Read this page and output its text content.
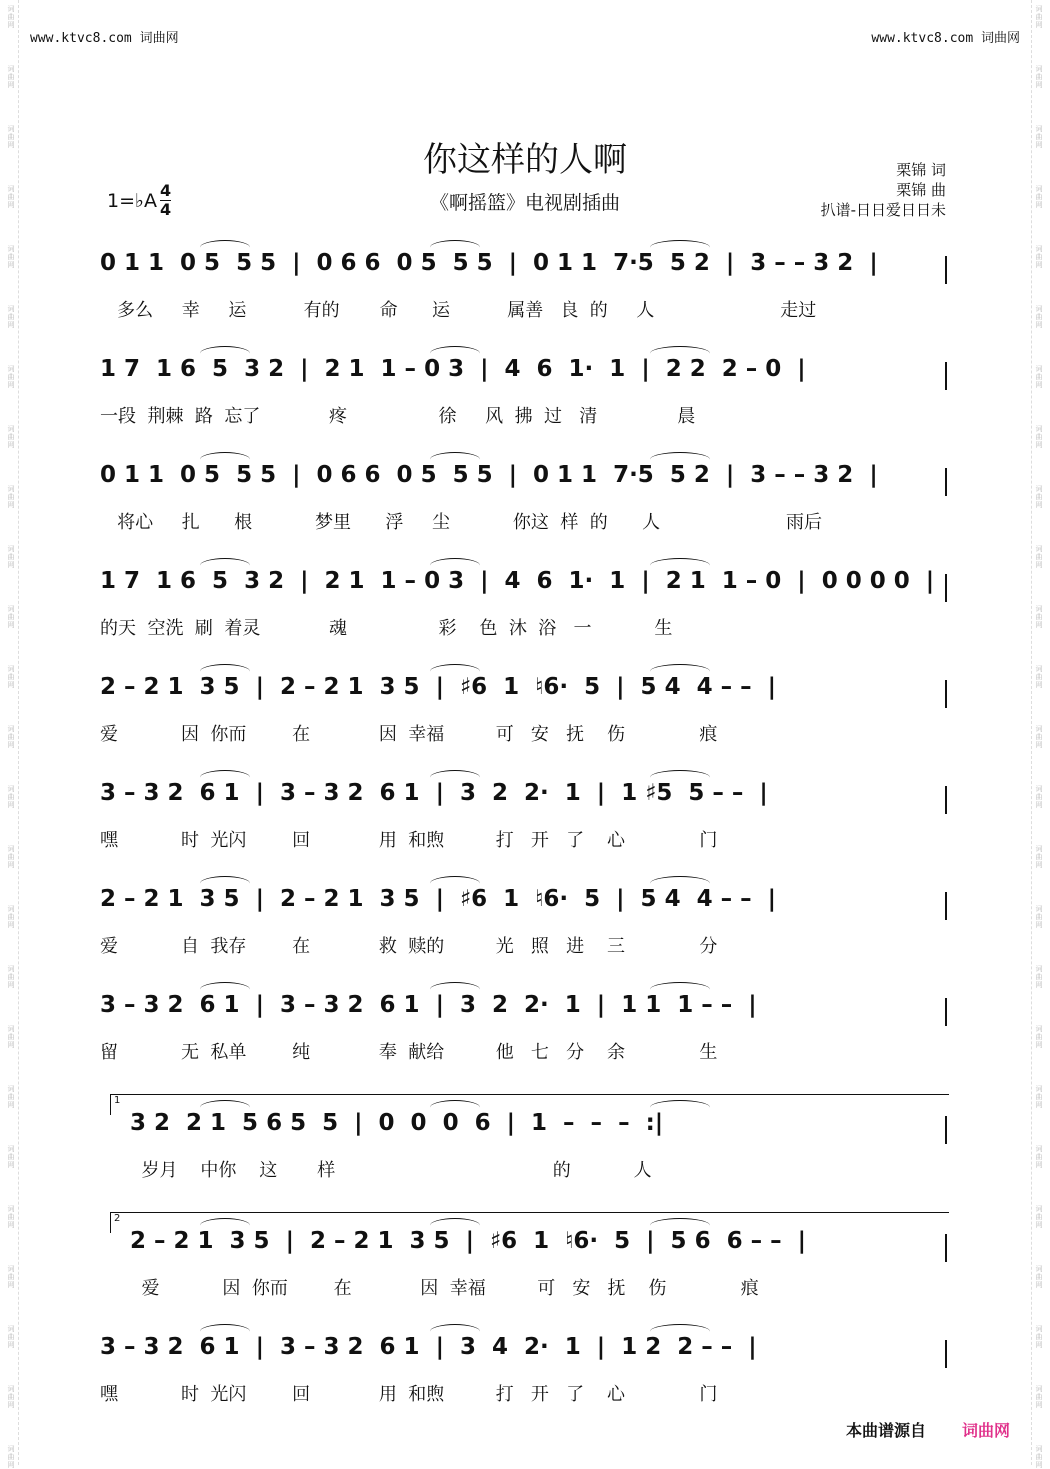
词
曲
网
词
曲
网
词
曲
网
词
曲
网
词
曲
网
词
曲
网
词
曲
网
词
曲
网
词
曲
网
词
曲
网
词
曲
网
词
曲
网
词
曲
网
词
曲
网
词
曲
网
词
曲
网
词
曲
网
词
曲
网
词
曲
网
词
曲
网
词
曲
网
词
曲
网
词
曲
网
词
曲
网
词
曲
网
词
曲
网
词
曲
网
词
曲
网
词
曲
网
词
曲
网
词
曲
网
词
曲
网
词
曲
网
词
曲
网
词
曲
网
词
曲
网
词
曲
网
词
曲
网
词
曲
网
词
曲
网
词
曲
网
词
曲
网
词
曲
网
词
曲
网
词
曲
网
词
曲
网
词
曲
网
词
曲
网
词
曲
网
词
曲
网
www.ktvc8.com 词曲网	www.ktvc8.com 词曲网
你这样的人啊
《啊摇篮》电视剧插曲
1=♭A $\frac{4}{4}$
栗锦 词
栗锦 曲
扒谱-日日爱日日未
0 1 1  0 5  5 5  |  0 6 6  0 5  5 5  |  0 1 1  7·5  5 2  |  3 – – 3 2  |
多么     幸     运          有的       命      运          属善   良  的     人                      走过
1 7  1 6  5  3 2  |  2 1  1 – 0 3  |  4  6  1·  1  |  2 2  2 – 0  |
一段  荆棘  路  忘了            疼                徐     风  拂  过   清              晨
0 1 1  0 5  5 5  |  0 6 6  0 5  5 5  |  0 1 1  7·5  5 2  |  3 – – 3 2  |
将心     扎      根           梦里      浮     尘           你这  样  的      人                      雨后
1 7  1 6  5  3 2  |  2 1  1 – 0 3  |  4  6  1·  1  |  2 1  1 – 0  |  0 0 0 0  |
的天  空洗  刷  着灵            魂                彩    色  沐  浴   一           生
2 – 2 1  3 5  |  2 – 2 1  3 5  |  ♯6  1  ♮6·  5  |  5 4  4 – –  |
爱           因  你而        在            因  幸福         可   安   抚    伤             痕
3 – 3 2  6 1  |  3 – 3 2  6 1  |  3  2  2·  1  |  1 ♯5  5 – –  |
嘿           时  光闪        回            用  和煦         打   开   了    心             门
2 – 2 1  3 5  |  2 – 2 1  3 5  |  ♯6  1  ♮6·  5  |  5 4  4 – –  |
爱           自  我存        在            救  赎的         光   照   进    三             分
3 – 3 2  6 1  |  3 – 3 2  6 1  |  3  2  2·  1  |  1 1  1 – –  |
留           无  私单        纯            奉  献给         他   七   分    余             生
3 2  2 1  5 6 5  5  |  0  0  0  6  |  1  –  –  –  :|
岁月    中你    这       样                                      的           人
1
2 – 2 1  3 5  |  2 – 2 1  3 5  |  ♯6  1  ♮6·  5  |  5 6  6 – –  |
爱           因  你而        在            因  幸福         可   安   抚    伤             痕
2
3 – 3 2  6 1  |  3 – 3 2  6 1  |  3  4  2·  1  |  1 2  2 – –  |
嘿           时  光闪        回            用  和煦         打   开   了    心             门
本曲谱源自 词曲网
